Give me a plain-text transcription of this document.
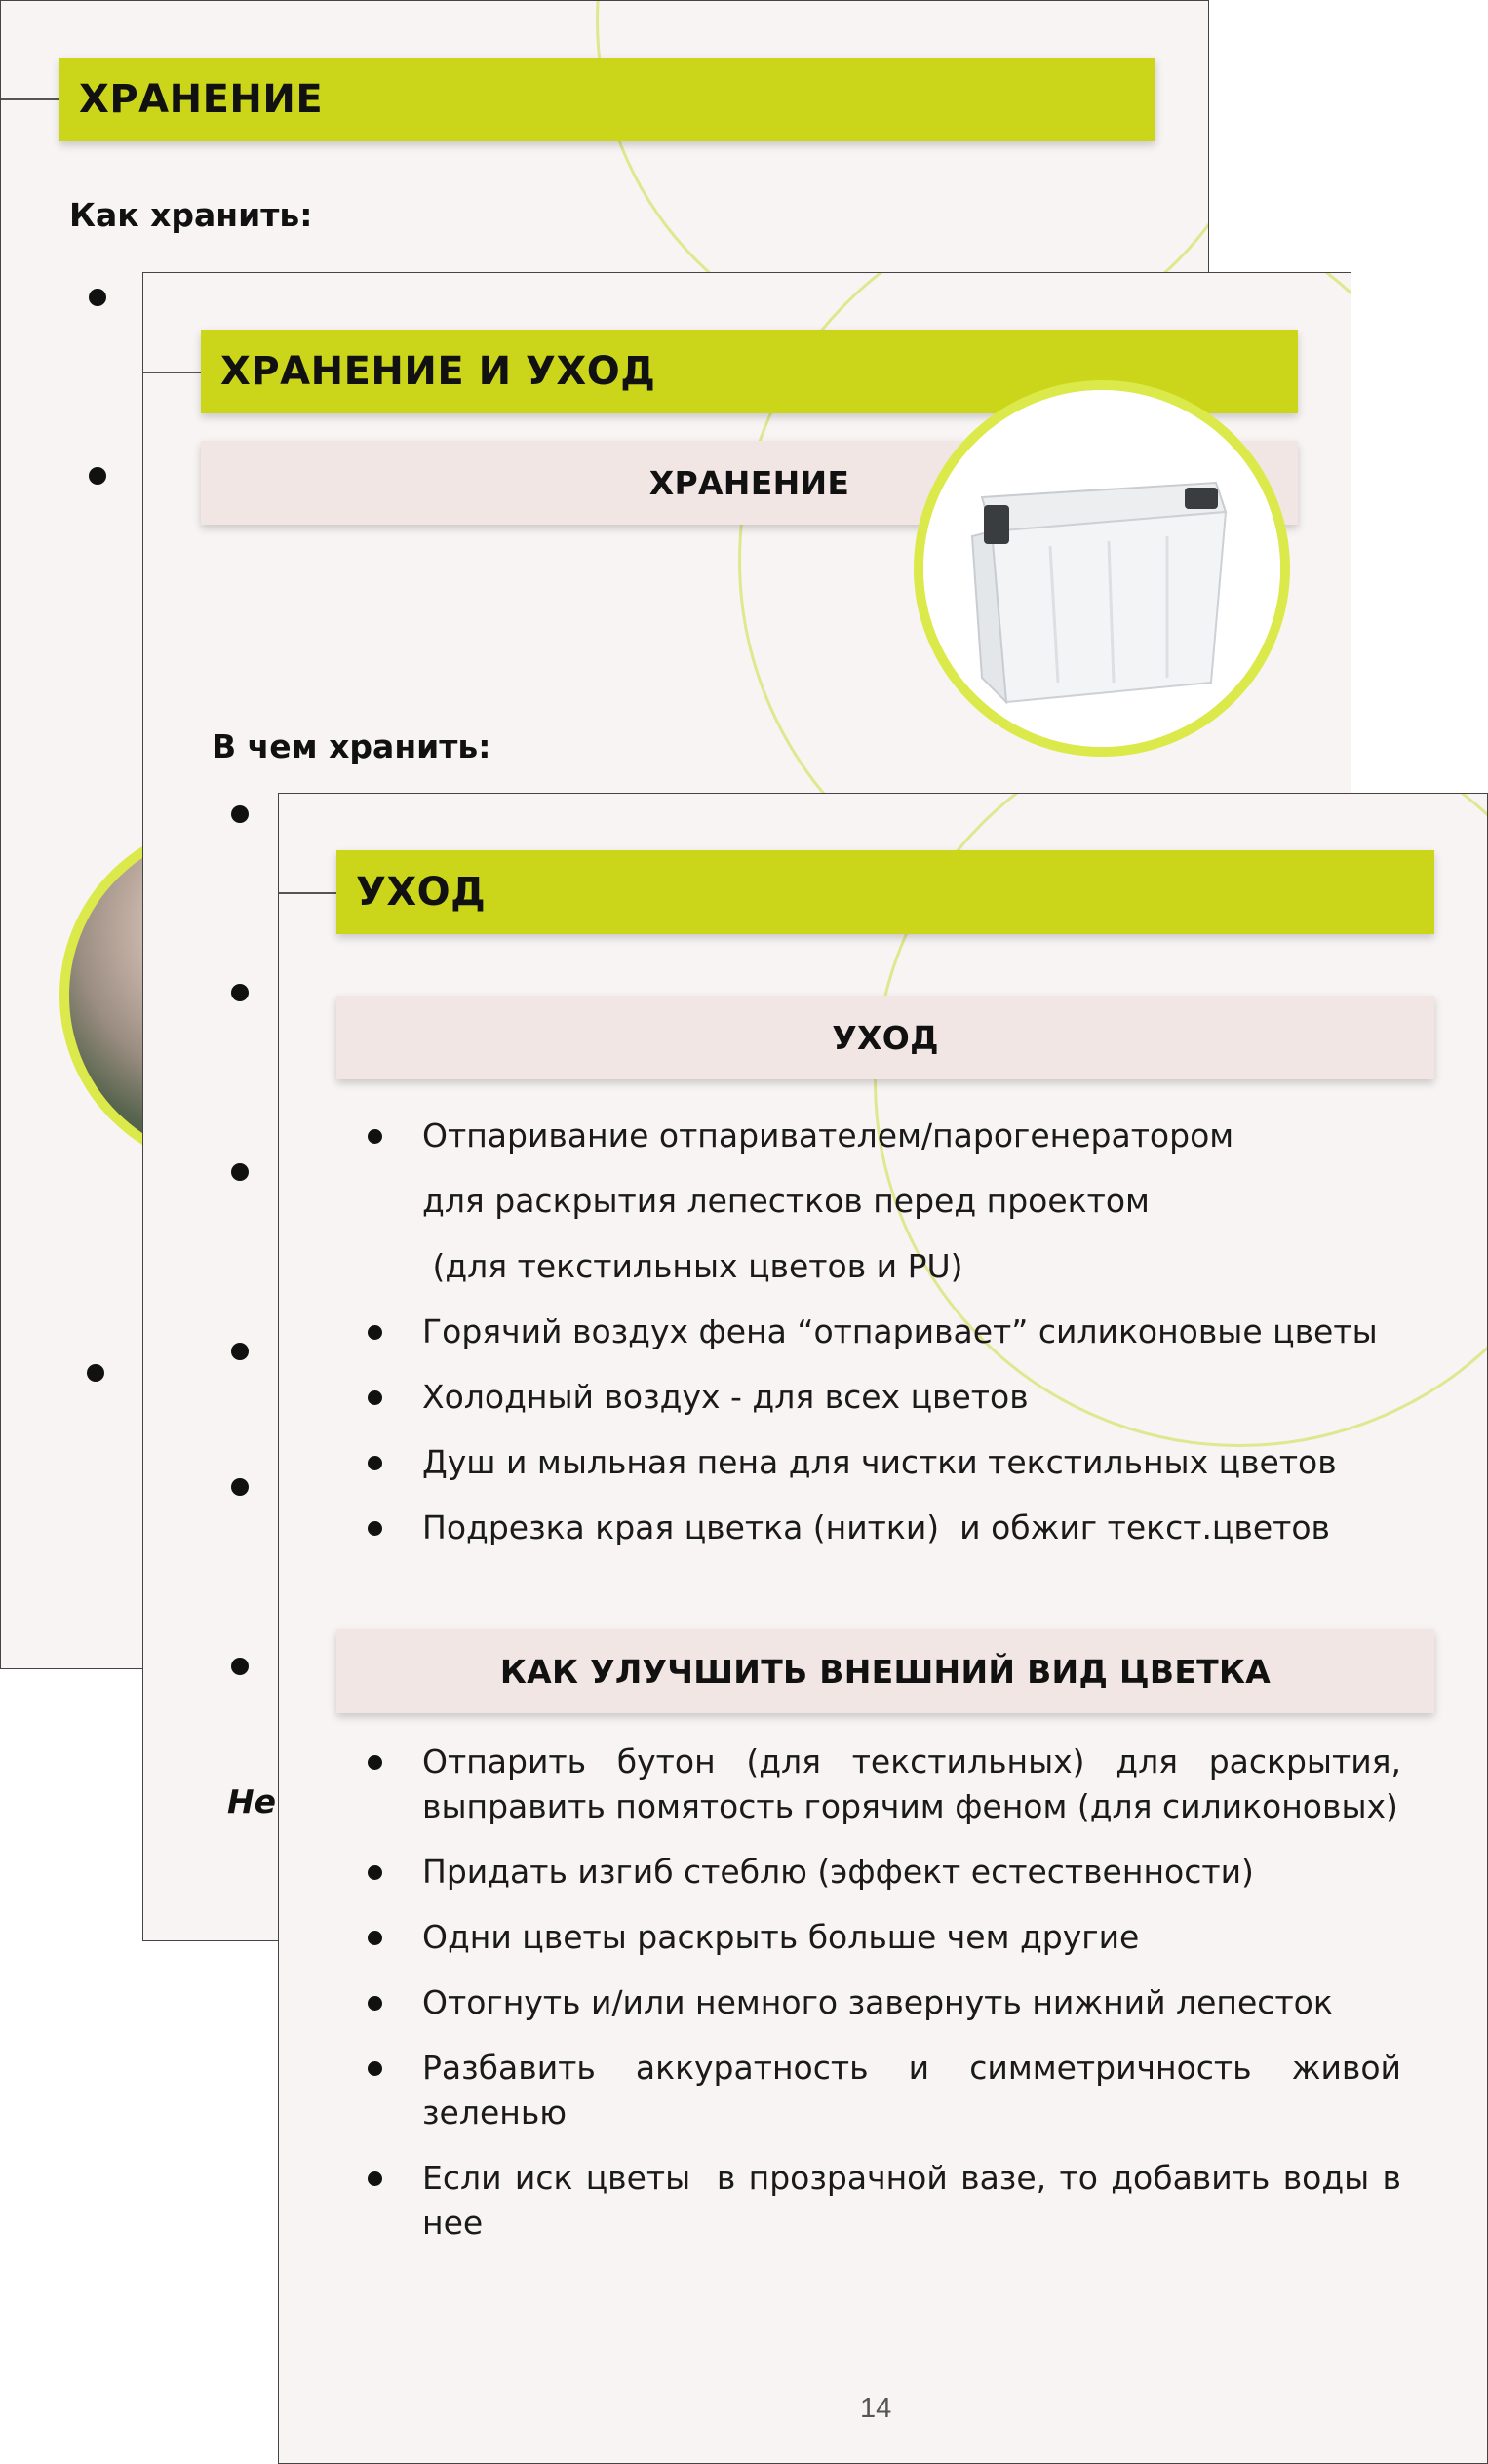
ХРАНЕНИЕ
Как хранить:
ХРАНЕНИЕ И УХОД
ХРАНЕНИЕ
В чем хранить:
Не
УХОД
УХОД
Отпаривание отпаривателем/парогенератором
для раскрытия лепестков перед проектом
(для текстильных цветов и PU)
Горячий воздух фена “отпаривает” силиконовые цветы
Холодный воздух - для всех цветов
Душ и мыльная пена для чистки текстильных цветов
Подрезка края цветка (нитки)  и обжиг текст.цветов
КАК УЛУЧШИТЬ ВНЕШНИЙ ВИД ЦВЕТКА
Отпарить бутон (для текстильных) для раскрытия, выправить помятость горячим феном (для силиконовых)
Придать изгиб стеблю (эффект естественности)
Одни цветы раскрыть больше чем другие
Отогнуть и/или немного завернуть нижний лепесток
Разбавить аккуратность и симметричность живой зеленью
Если иск цветы  в прозрачной вазе, то добавить воды в нее
14
